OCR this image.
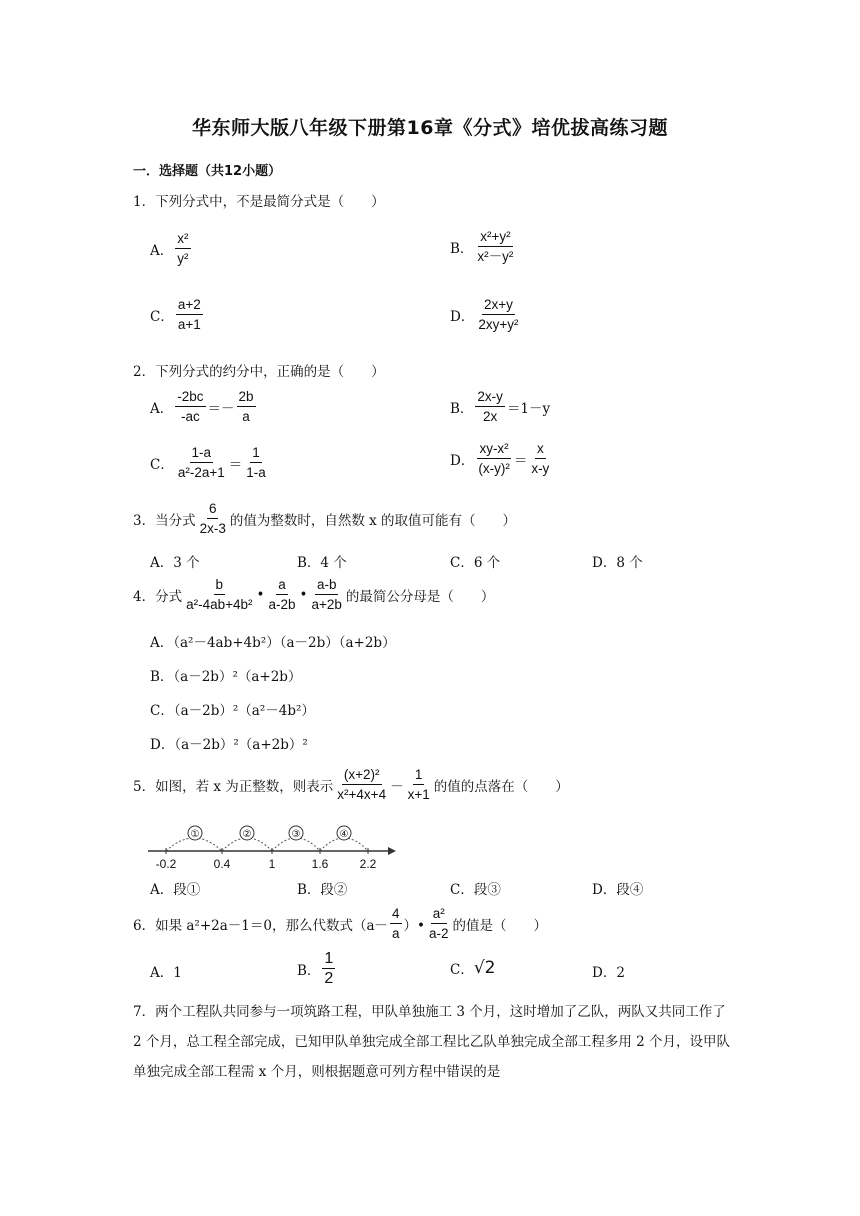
华东师大版八年级下册第16章《分式》培优拔高练习题
一．选择题（共12小题）
1．下列分式中，不是最简分式是（　　）
A． $\frac{\text{x²}}{\text{y²}}$	B． $\frac{\text{x²+y²}}{\text{x²－y²}}$
C． $\frac{a+2}{a+1}$	D． $\frac{2x+y}{\text{2xy+y²}}$
2．下列分式的约分中，正确的是（　　）
A． $\frac{-2bc}{-ac} =- \frac{2b}{a}$	B． $\frac{2x-y}{2x} =1-y$
C． $\frac{1-a}{\text{a²-2a+1}} = \frac{1}{1-a}$	D． $\frac{\text{xy-x²}}{\text{(x-y)²}} = \frac{x}{x-y}$
3．当分式 $\frac{6}{2x-3}$ 的值为整数时，自然数 x 的取值可能有（　　）
A．3 个	B．4 个	C．6 个	D．8 个
4．分式 $\frac{b}{\text{a²-4ab+4b²}}$ • $\frac{a}{a-2b}$ • $\frac{a-b}{a+2b}$ 的最简公分母是（　　）
A．（a²－4ab+4b²）（a－2b）（a+2b）
B．（a－2b）²（a+2b）
C．（a－2b）²（a²－4b²）
D．（a－2b）²（a+2b）²
5．如图，若 x 为正整数，则表示 $\frac{\text{(x+2)²}}{\text{x²+4x+4}} - \frac{1}{x+1}$ 的值的点落在（　　）
①	②	③	④
-0.2	0.4	1	1.6	2.2
A．段①	B．段②	C．段③	D．段④
6．如果 a²+2a－1＝0，那么代数式（$a- \frac{4}{a}$ ）• $\frac{\text{a²}}{a-2}$ 的值是（　　）
A．1	B． $\frac{1}{2}$	C． √2	D．2
7．两个工程队共同参与一项筑路工程，甲队单独施工 3 个月，这时增加了乙队，两队又共同工作了 2 个月，总工程全部完成，已知甲队单独完成全部工程比乙队单独完成全部工程多用 2 个月，设甲队单独完成全部工程需 x 个月，则根据题意可列方程中错误的是
